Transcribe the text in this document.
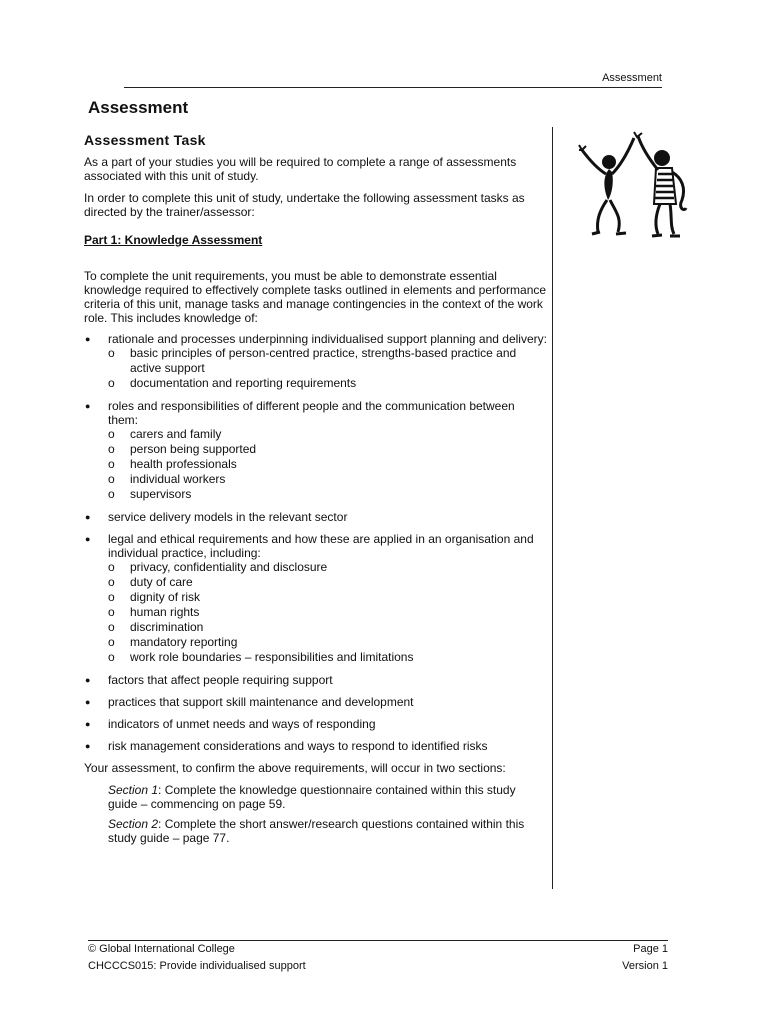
Assessment
Assessment
Assessment Task

As a part of your studies you will be required to complete a range of assessments associated with this unit of study.

In order to complete this unit of study, undertake the following assessment tasks as directed by the trainer/assessor:

Part 1: Knowledge Assessment

To complete the unit requirements, you must be able to demonstrate essential knowledge required to effectively complete tasks outlined in elements and performance criteria of this unit, manage tasks and manage contingencies in the context of the work role. This includes knowledge of:

● rationale and processes underpinning individualised support planning and delivery:
o basic principles of person-centred practice, strengths-based practice and active support
o documentation and reporting requirements
● roles and responsibilities of different people and the communication between them:
o carers and family
o person being supported
o health professionals
o individual workers
o supervisors
● service delivery models in the relevant sector
● legal and ethical requirements and how these are applied in an organisation and individual practice, including:
o privacy, confidentiality and disclosure
o duty of care
o dignity of risk
o human rights
o discrimination
o mandatory reporting
o work role boundaries – responsibilities and limitations
● factors that affect people requiring support
● practices that support skill maintenance and development
● indicators of unmet needs and ways of responding
● risk management considerations and ways to respond to identified risks

Your assessment, to confirm the above requirements, will occur in two sections:

Section 1: Complete the knowledge questionnaire contained within this study guide – commencing on page 59.

Section 2: Complete the short answer/research questions contained within this study guide – page 77.

© Global International College	Page 1
CHCCCS015: Provide individualised support	Version 1
